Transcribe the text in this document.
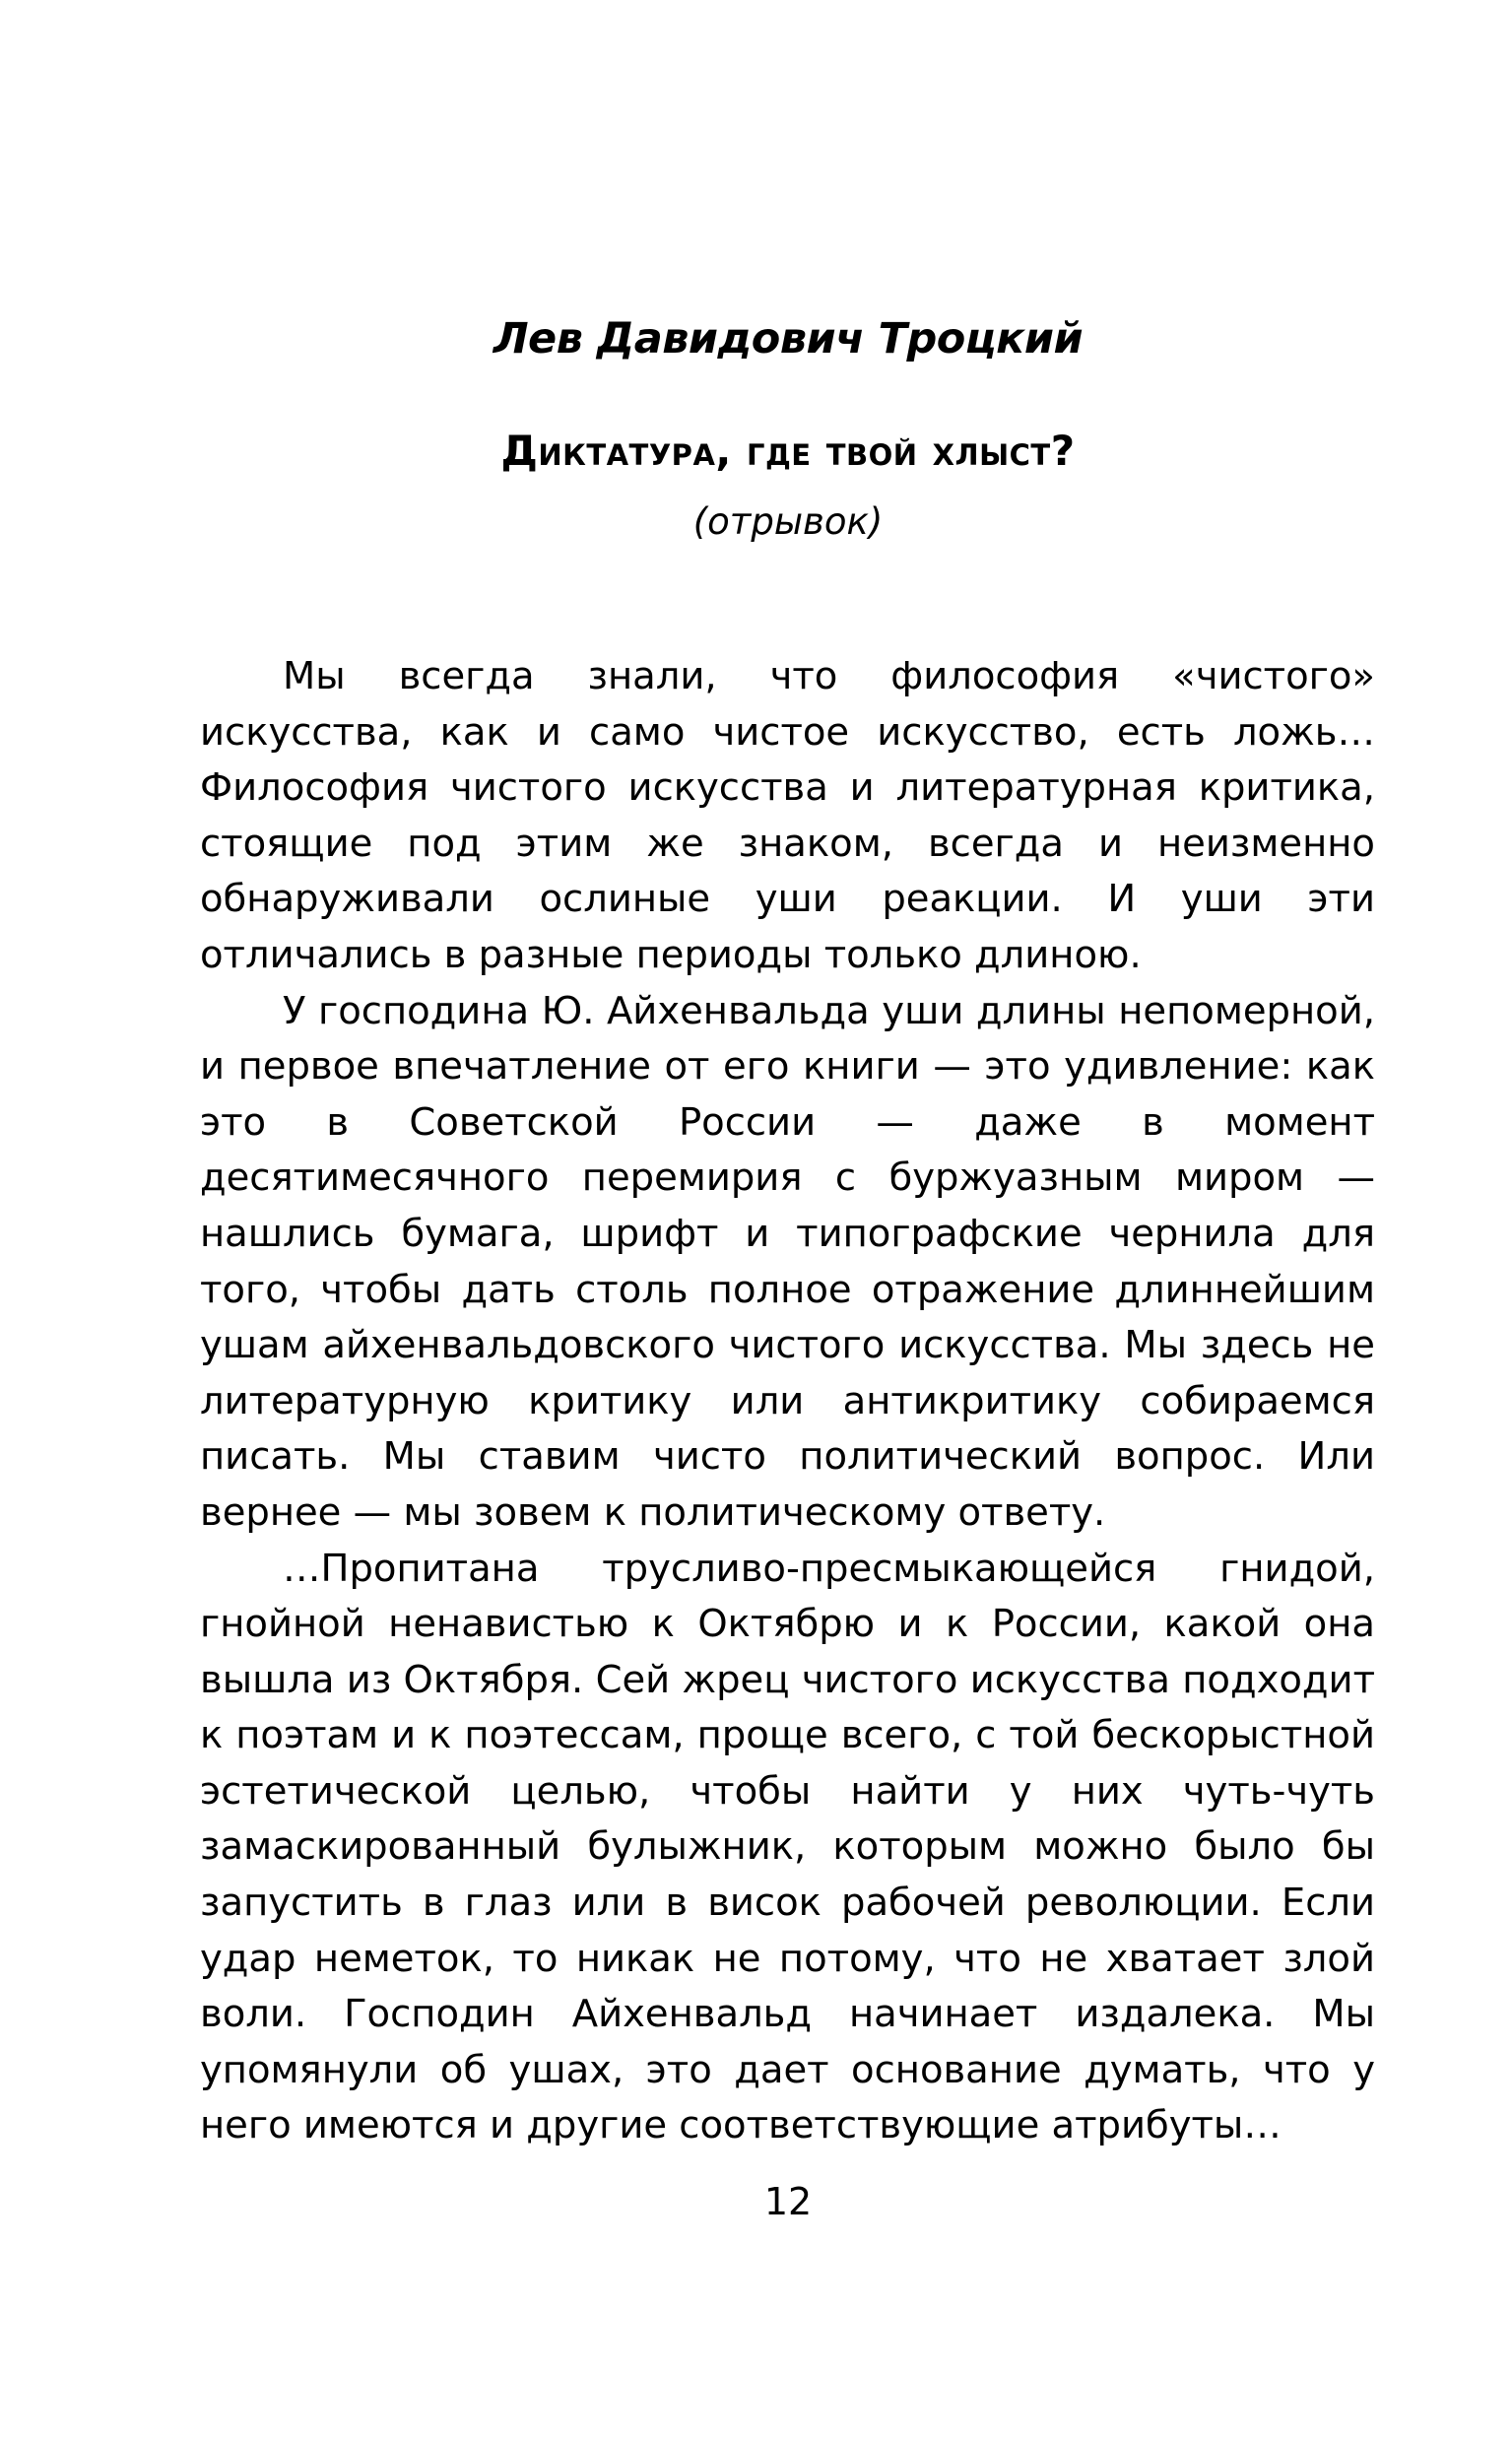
Лев Давидович Троцкий
Диктатура, где твой хлыст?
(отрывок)

Мы всегда знали, что философия «чистого» искусства, как и само чистое искусство, есть ложь… Философия чистого искусства и литературная критика, стоящие под этим же знаком, всегда и неизменно обнаруживали ослиные уши реакции. И уши эти отличались в разные периоды только длиною.

У господина Ю. Айхенвальда уши длины непомерной, и первое впечатление от его книги — это удивление: как это в Советской России — даже в момент десятимесячного перемирия с буржуазным миром — нашлись бумага, шрифт и типографские чернила для того, чтобы дать столь полное отражение длиннейшим ушам айхенвальдовского чистого искусства. Мы здесь не литературную критику или антикритику собираемся писать. Мы ставим чисто политический вопрос. Или вернее — мы зовем к политическому ответу.

…Пропитана трусливо-пресмыкающейся гнидой, гнойной ненавистью к Октябрю и к России, какой она вышла из Октября. Сей жрец чистого искусства подходит к поэтам и к поэтессам, проще всего, с той бескорыстной эстетической целью, чтобы найти у них чуть-чуть замаскированный булыжник, которым можно было бы запустить в глаз или в висок рабочей революции. Если удар неметок, то никак не потому, что не хватает злой воли. Господин Айхенвальд начинает издалека. Мы упомянули об ушах, это дает основание думать, что у него имеются и другие соответствующие атрибуты…

12
